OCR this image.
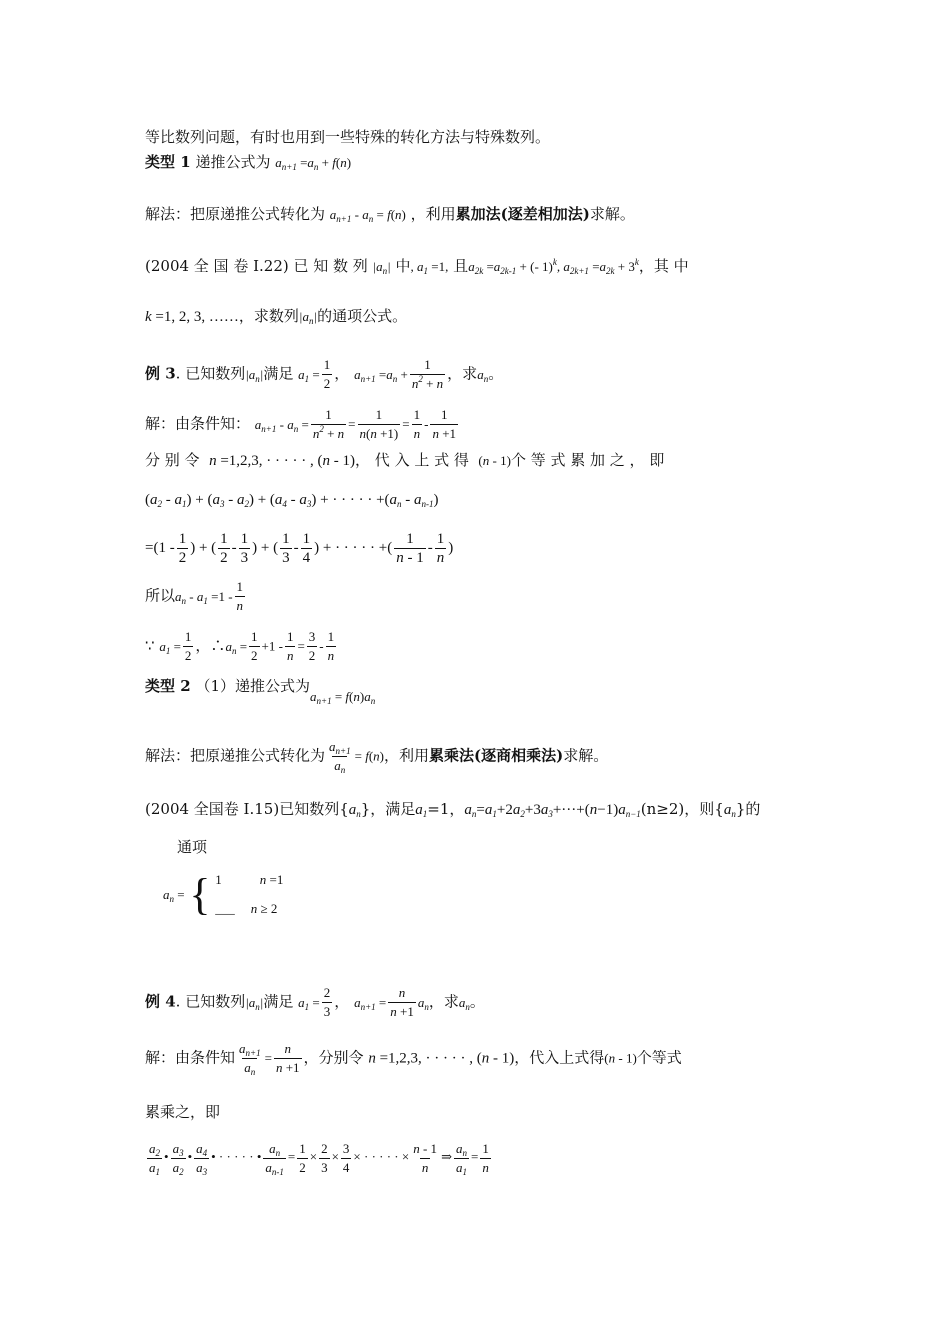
等比数列问题，有时也用到一些特殊的转化方法与特殊数列。
类型 1 递推公式为 $a_{n+1} =a_n + f(n)$
解法：把原递推公式转化为 $a_{n+1} - a_n = f(n)$ ，利用累加法(逐差相加法)求解。
(2004 全 国 卷 I.22) 已 知 数 列 $|a_n|$ 中, $a_1 =1$, 且$a_{2k} =a_{2k-1}$ + (- 1)$^k$, $a_{2k+1} =a_{2k} + 3^k$，其 中
k =1, 2, 3, ……，求数列$|a_n|$的通项公式。
例 3. 已知数列$|a_n|$满足 $a_1 = \frac{1}{2}$ ， $a_{n+1} =a_n + \frac{1}{n^2 + n}$ ，求$a_n$。
解：由条件知： $a_{n+1} - a_n = \frac{1}{n^2 + n} = \frac{1}{n(n +1)} = \frac{1}{n} - \frac{1}{n +1}$
分 别 令 n =1,2,3, · · · · · , (n - 1)， 代 入 上 式 得 (n - 1)个 等 式 累 加 之 ， 即
$(a_2 - a_1) + (a_3 - a_2) + (a_4 - a_3)$ + · · · · · $+(a_n - a_{n-1})$
$=(1 - \frac{1}{2}$ ) + ( $\frac{1}{2} - \frac{1}{3}$ ) + ( $\frac{1}{3} - \frac{1}{4}$ ) + · · · · · +( $\frac{1}{n - 1} - \frac{1}{n}$ )
所以$a_n - a_1 =1 - \frac{1}{n}$
∵ $a_1 = \frac{1}{2}$ ，$\therefore a_n = \frac{1}{2} +1 - \frac{1}{n} = \frac{3}{2} - \frac{1}{n}$
类型 2 （1）递推公式为$a_{n+1} = f(n)a_n$
解法：把原递推公式转化为 $\frac{a_{n+1}}{a_n} = f(n)$，利用累乘法(逐商相乘法)求解。
(2004 全国卷 I.15)已知数列$\{a_n\}$，满足$a_1=1$，$a_n=a_1+2a_2+3a_3+\cdot\cdot\cdot+(n-1)a_{n-1}(n\ge 2)$，则$\{a_n\}$的
通项
$a_n$ = { 1	n =1
___ n ≥ 2
例 4. 已知数列$|a_n|$满足 $a_1 = \frac{2}{3}$ ， $a_{n+1} = \frac{n}{n +1} a_n$，求$a_n$。
解：由条件知 $\frac{a_{n+1}}{a_n} = \frac{n}{n +1}$ ，分别令 n =1,2,3, · · · · · , (n - 1)，代入上式得(n - 1)个等式
累乘之，即
$\frac{a_2}{a_1}$ • $\frac{a_3}{a_2}$ • $\frac{a_4}{a_3}$ • · · · · · • $\frac{a_n}{a_{n-1}} = \frac{1}{2} \times \frac{2}{3} \times \frac{3}{4}$ × · · · · · × $\frac{n - 1}{n}$ ⇒ $\frac{a_n}{a_1} = \frac{1}{n}$
